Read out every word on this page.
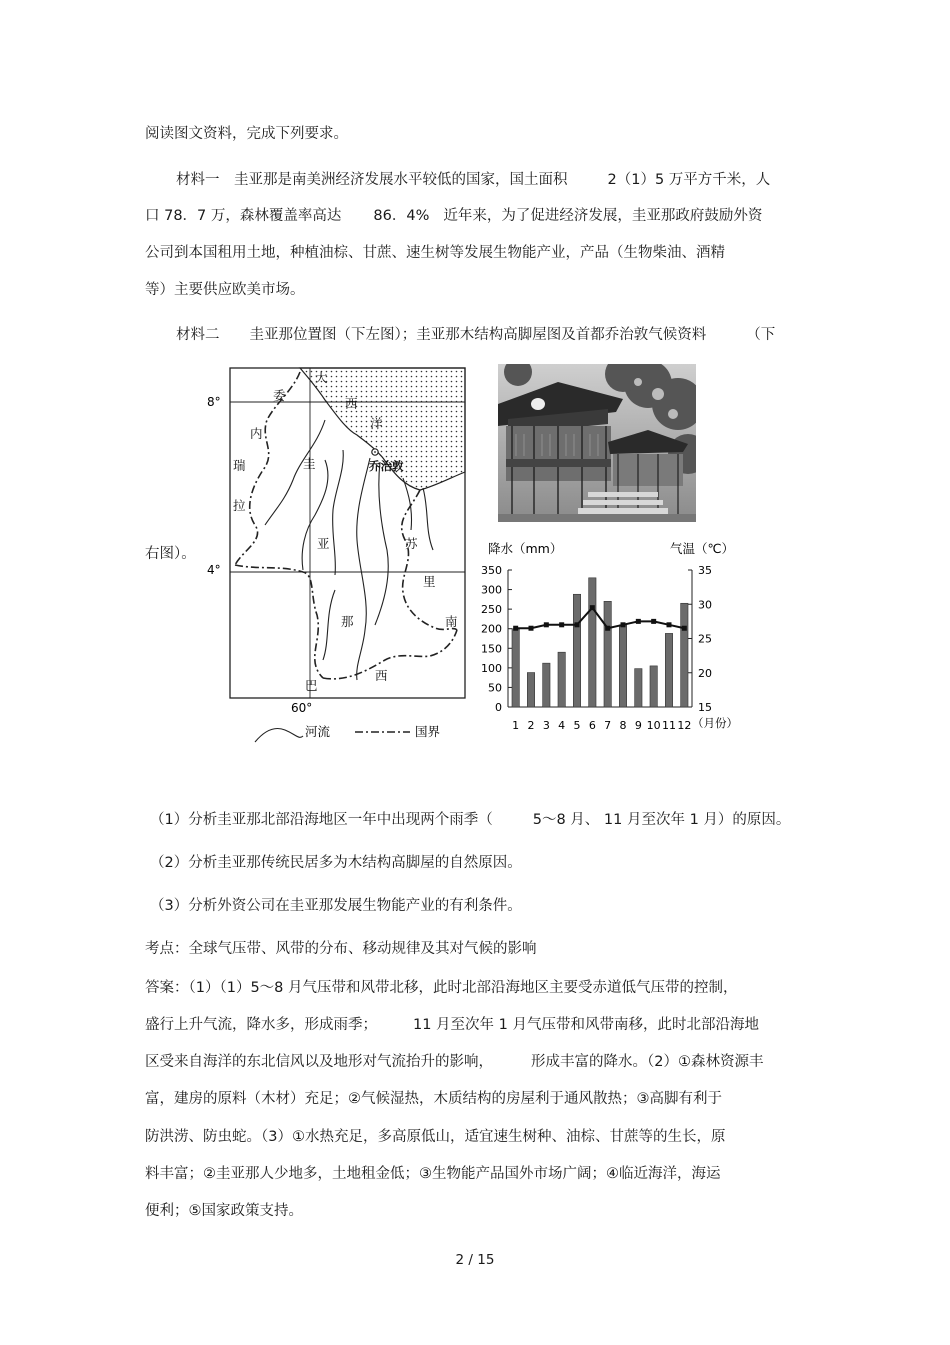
阅读图文资料，完成下列要求。
材料一　圭亚那是南美洲经济发展水平较低的国家，国土面积	2（1）5 万平方千米，人
口 78．7 万，森林覆盖率高达 86．4% 近年来，为了促进经济发展，圭亚那政府鼓励外资
公司到本国租用土地，种植油棕、甘蔗、速生树等发展生物能产业，产品（生物柴油、酒精
等）主要供应欧美市场。
材料二 圭亚那位置图（下左图）；圭亚那木结构高脚屋图及首都乔治敦气候资料	（下
右图）。
8°
4°
60°
委
内
瑞
拉
大
西
洋
乔治敦
圭
亚
那
苏
里
南
巴
西
河流	国界
降水（mm）	气温（℃）
0
50
100
150
200
250
300
350
15
20
25
30
35
1 2 3 4 5 6 7 8 9 10 11 12 （月份）
（1）分析圭亚那北部沿海地区一年中出现两个雨季（	5～8 月、 11 月至次年 1 月）的原因。
（2）分析圭亚那传统民居多为木结构高脚屋的自然原因。
（3）分析外资公司在圭亚那发展生物能产业的有利条件。
考点：全球气压带、风带的分布、移动规律及其对气候的影响
答案：（1）（1）5～8 月气压带和风带北移，此时北部沿海地区主要受赤道低气压带的控制，
盛行上升气流，降水多，形成雨季； 11 月至次年 1 月气压带和风带南移，此时北部沿海地
区受来自海洋的东北信风以及地形对气流抬升的影响，	形成丰富的降水。（2）①森林资源丰
富，建房的原料（木材）充足；②气候湿热，木质结构的房屋利于通风散热；③高脚有利于
防洪涝、防虫蛇。（3）①水热充足，多高原低山，适宜速生树种、油棕、甘蔗等的生长，原
料丰富；②圭亚那人少地多，土地租金低；③生物能产品国外市场广阔；④临近海洋，海运
便利；⑤国家政策支持。
2 / 15
